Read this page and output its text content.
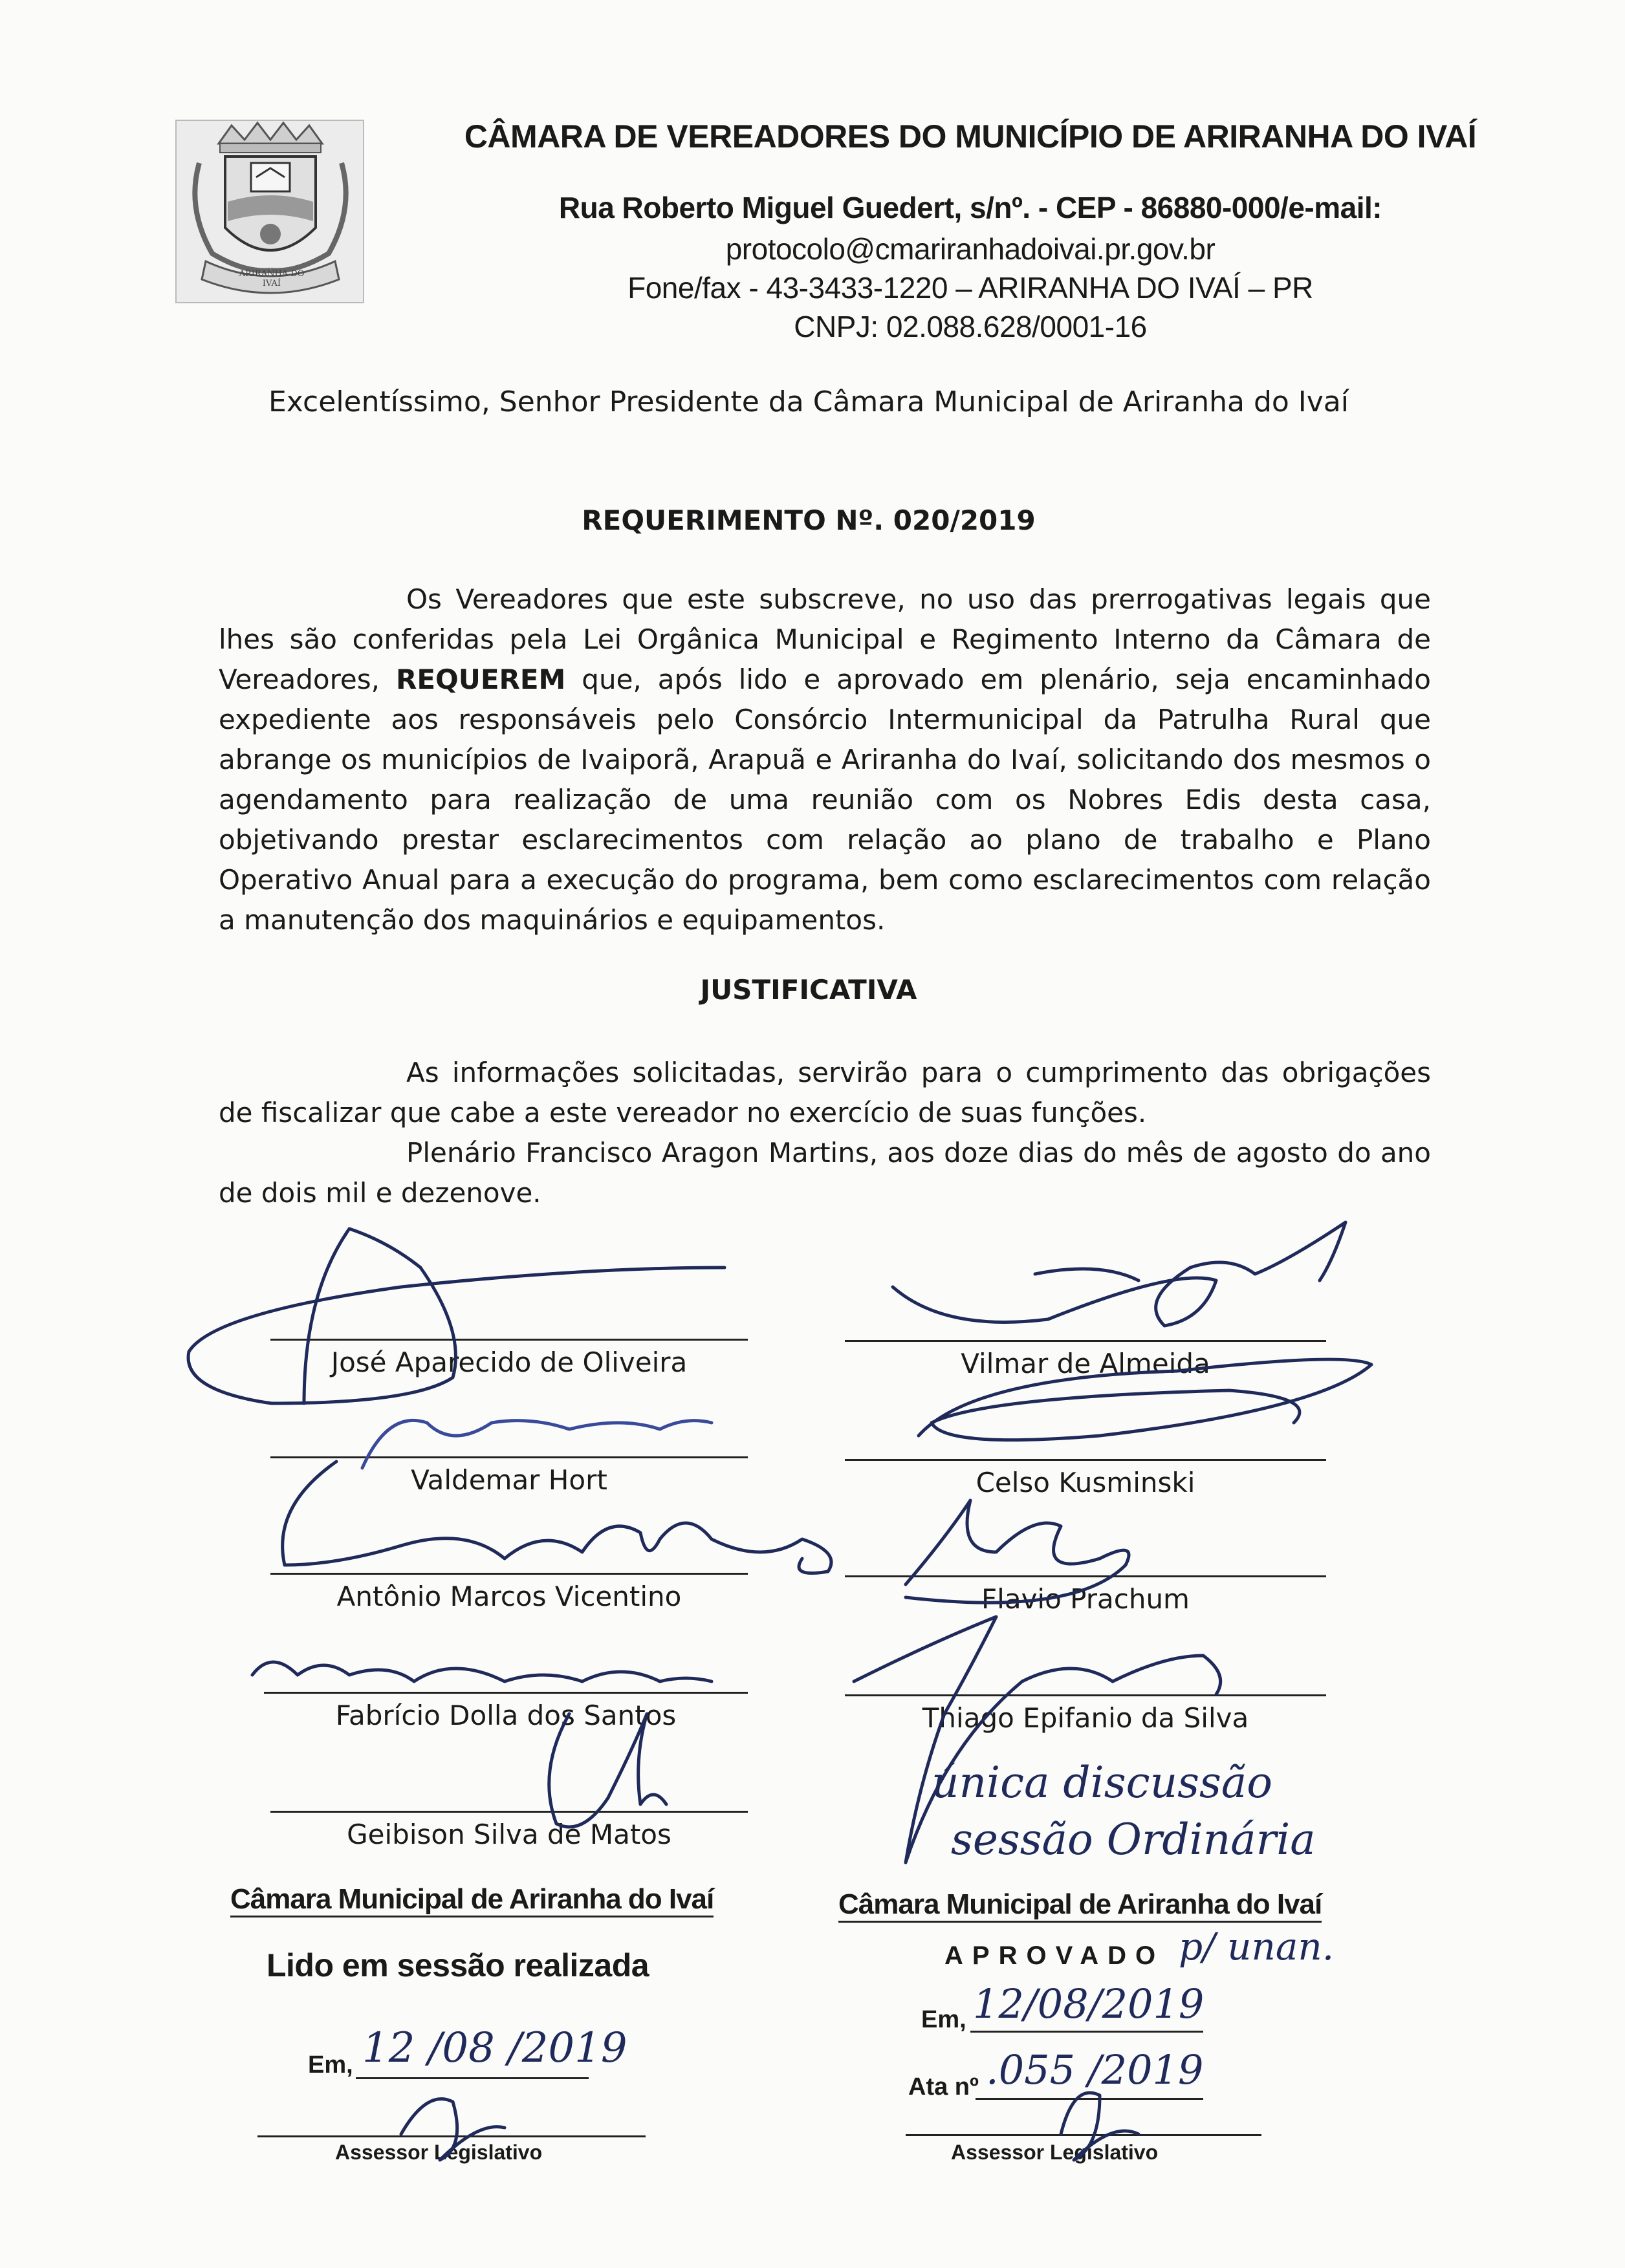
ARIRANHA DO IVAÍ
CÂMARA DE VEREADORES DO MUNICÍPIO DE ARIRANHA DO IVAÍ
Rua Roberto Miguel Guedert, s/nº. - CEP - 86880-000/e-mail:
protocolo@cmariranhadoivai.pr.gov.br
Fone/fax - 43-3433-1220 – ARIRANHA DO IVAÍ – PR
CNPJ: 02.088.628/0001-16
Excelentíssimo, Senhor Presidente da Câmara Municipal de Ariranha do Ivaí
REQUERIMENTO Nº. 020/2019

Os Vereadores que este subscreve, no uso das prerrogativas legais que lhes são conferidas pela Lei Orgânica Municipal e Regimento Interno da Câmara de Vereadores, REQUEREM que, após lido e aprovado em plenário, seja encaminhado expediente aos responsáveis pelo Consórcio Intermunicipal da Patrulha Rural que abrange os municípios de Ivaiporã, Arapuã e Ariranha do Ivaí, solicitando dos mesmos o agendamento para realização de uma reunião com os Nobres Edis desta casa, objetivando prestar esclarecimentos com relação ao plano de trabalho e Plano Operativo Anual para a execução do programa, bem como esclarecimentos com relação a manutenção dos maquinários e equipamentos.

JUSTIFICATIVA

As informações solicitadas, servirão para o cumprimento das obrigações de fiscalizar que cabe a este vereador no exercício de suas funções.

Plenário Francisco Aragon Martins, aos doze dias do mês de agosto do ano de dois mil e dezenove.

José Aparecido de Oliveira
Valdemar Hort
Antônio Marcos Vicentino
Fabrício Dolla dos Santos
Geibison Silva de Matos
Vilmar de Almeida
Celso Kusminski
Flavio Prachum
Thiago Epifanio da Silva
única discussão
sessão Ordinária
Câmara Municipal de Ariranha do Ivaí
Lido em sessão realizada
Em, 12 /08 /2019
Assessor Legislativo
Câmara Municipal de Ariranha do Ivaí
APROVADO p/ unan.
Em, 12/08/2019
Ata nº .055 /2019
Assessor Legislativo
